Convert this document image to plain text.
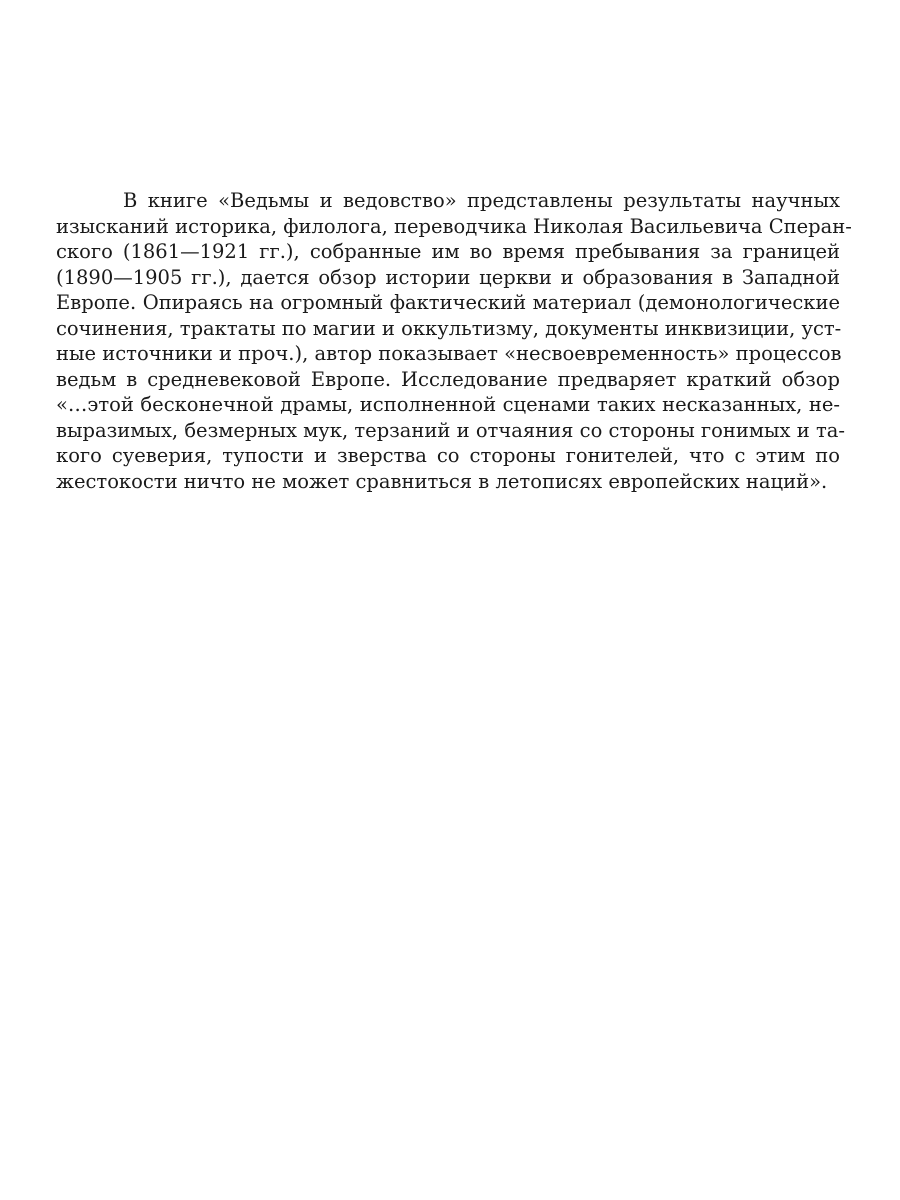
В книге «Ведьмы и ведовство» представлены результаты научных
изысканий историка, филолога, переводчика Николая Васильевича Сперан-
ского (1861—1921 гг.), собранные им во время пребывания за границей
(1890—1905 гг.), дается обзор истории церкви и образования в Западной
Европе. Опираясь на огромный фактический материал (демонологические
сочинения, трактаты по магии и оккультизму, документы инквизиции, уст-
ные источники и проч.), автор показывает «несвоевременность» процессов
ведьм в средневековой Европе. Исследование предваряет краткий обзор
«…этой бесконечной драмы, исполненной сценами таких несказанных, не-
выразимых, безмерных мук, терзаний и отчаяния со стороны гонимых и та-
кого суеверия, тупости и зверства со стороны гонителей, что с этим по
жестокости ничто не может сравниться в летописях европейских наций».
